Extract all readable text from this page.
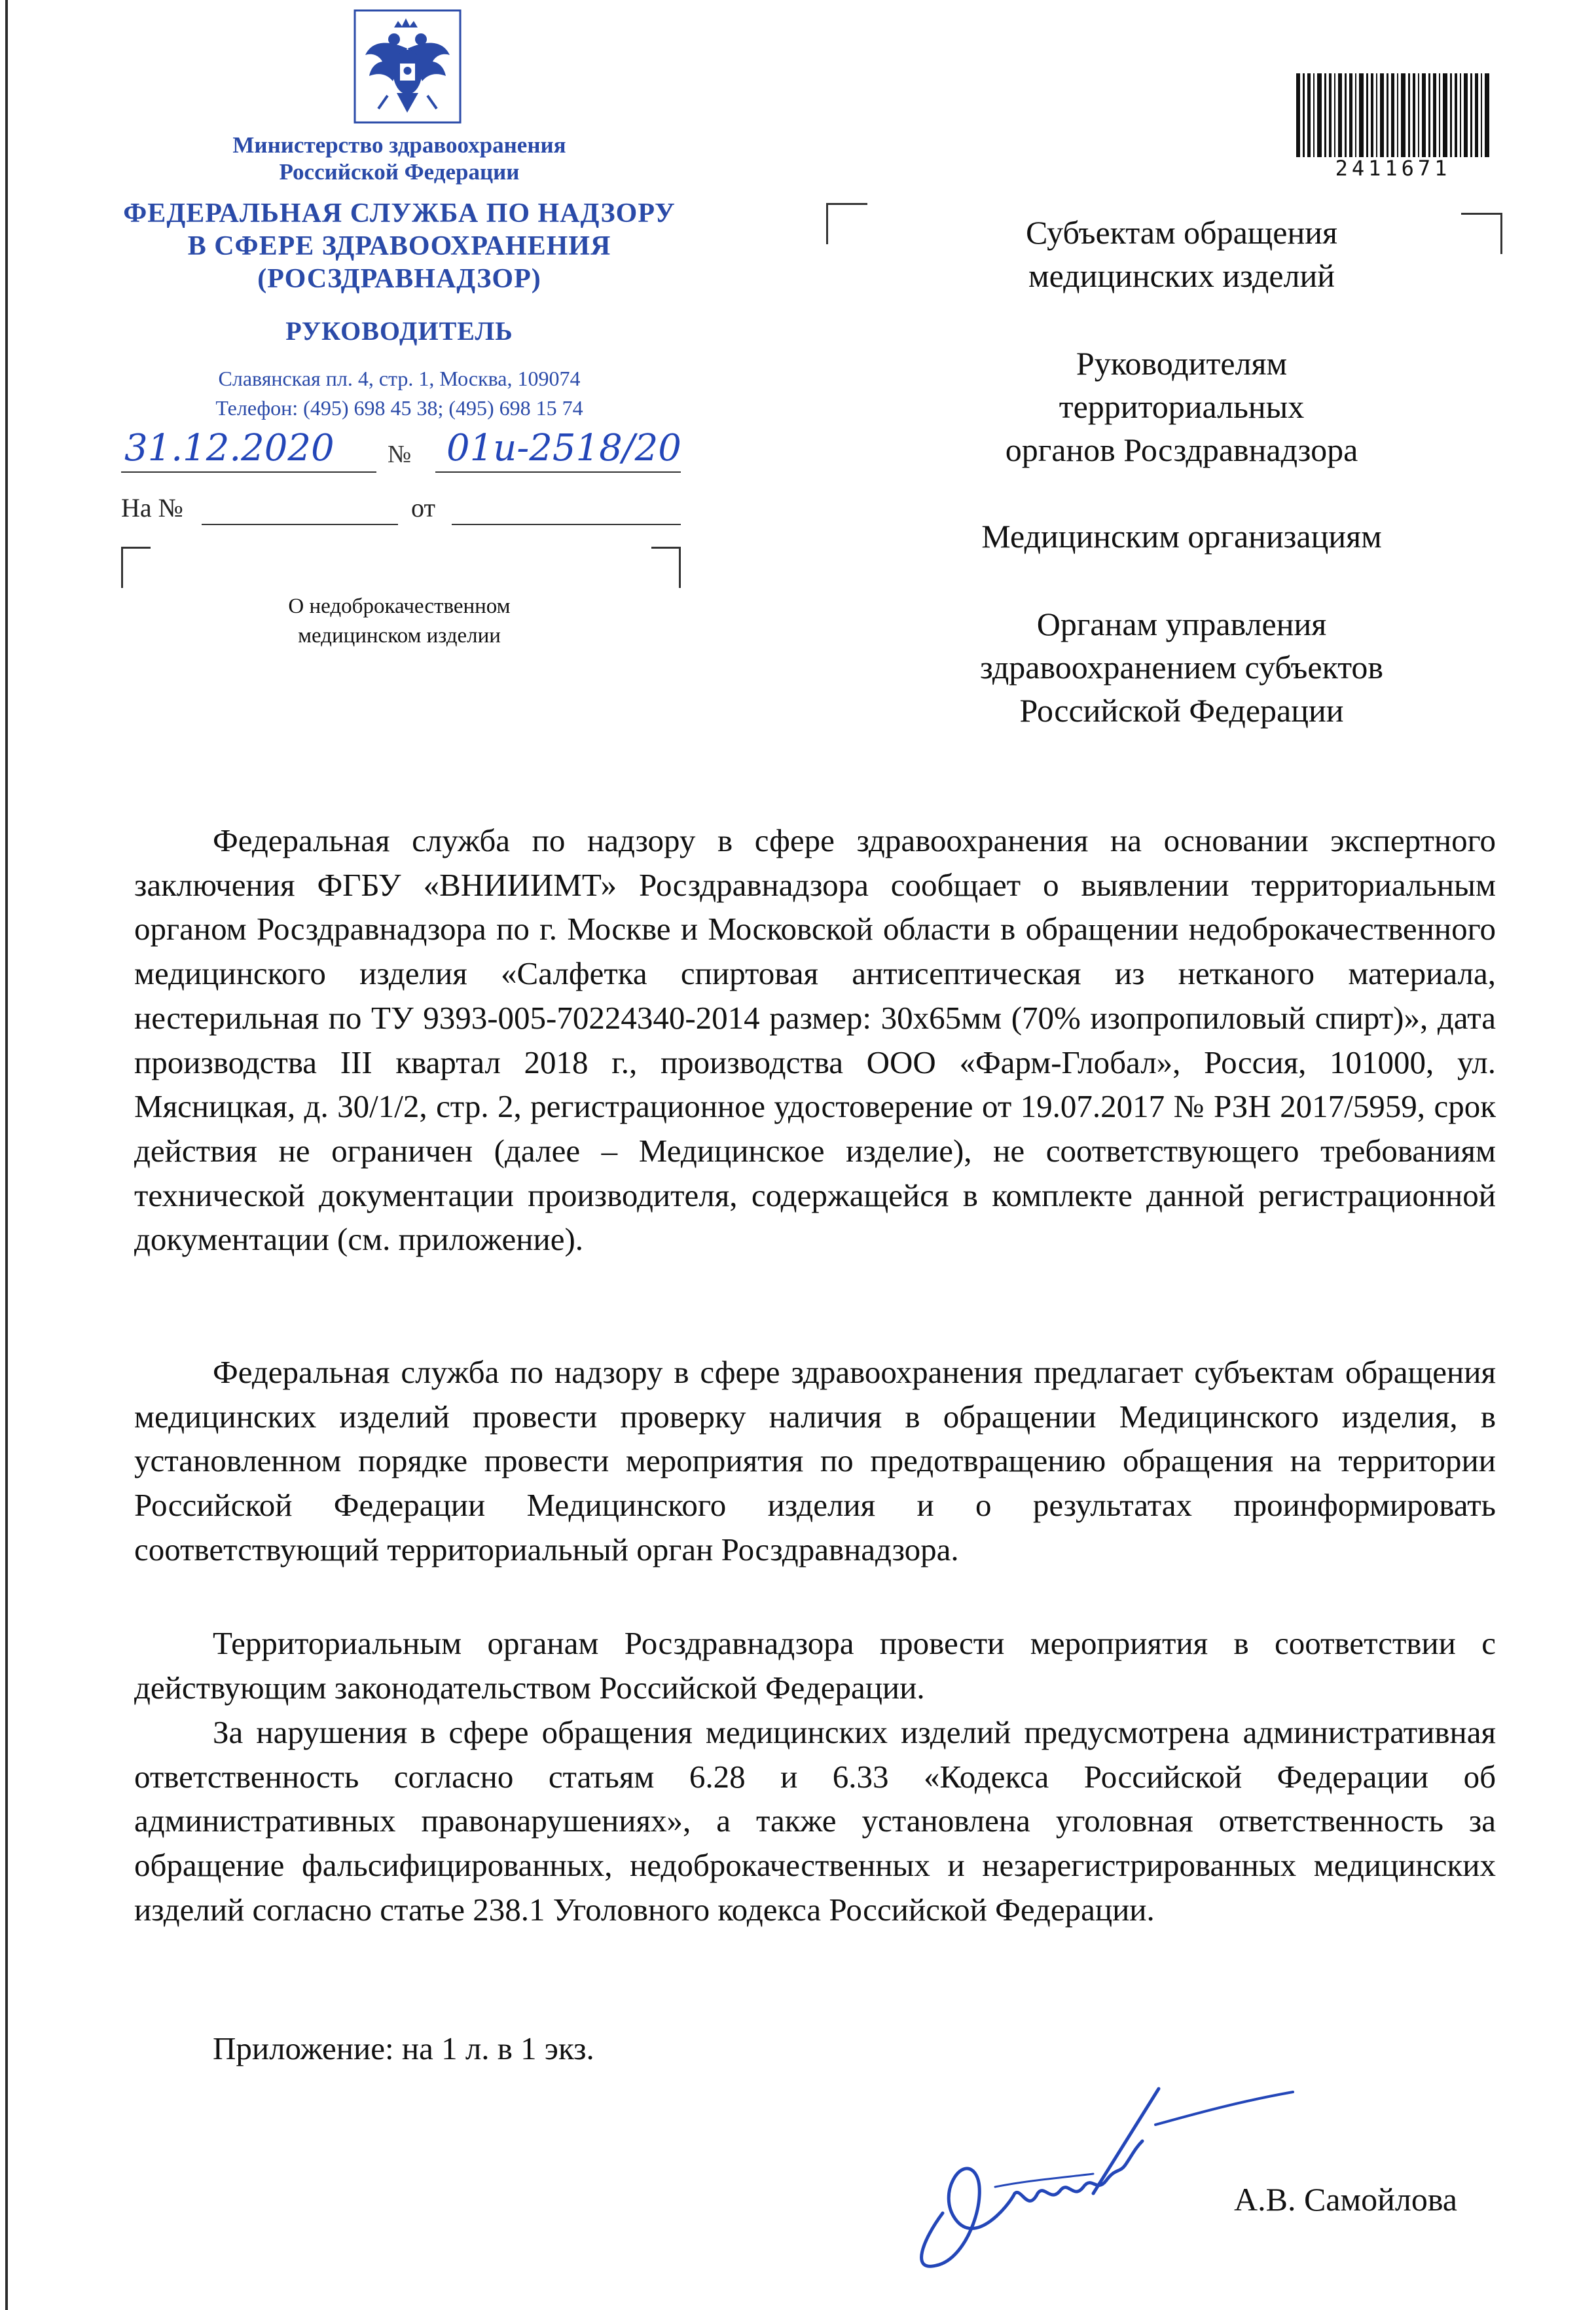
Министерство здравоохранения
Российской Федерации
ФЕДЕРАЛЬНАЯ СЛУЖБА ПО НАДЗОРУ
В СФЕРЕ ЗДРАВООХРАНЕНИЯ
(РОСЗДРАВНАДЗОР)
РУКОВОДИТЕЛЬ
Славянская пл. 4, стр. 1, Москва, 109074
Телефон: (495) 698 45 38; (495) 698 15 74
31.12.2020 № 01и-2518/20
На №	от
О недоброкачественном
медицинском изделии
2411671
Субъектам обращения
медицинских изделий
Руководителям
территориальных
органов Росздравнадзора
Медицинским организациям
Органам управления
здравоохранением субъектов
Российской Федерации

Федеральная служба по надзору в сфере здравоохранения на основании экспертного заключения ФГБУ «ВНИИИМТ» Росздравнадзора сообщает о выявлении территориальным органом Росздравнадзора по г. Москве и Московской области в обращении недоброкачественного медицинского изделия «Салфетка спиртовая антисептическая из нетканого материала, нестерильная по ТУ 9393-005-70224340-2014 размер: 30х65мм (70% изопропиловый спирт)», дата производства III квартал 2018 г., производства ООО «Фарм-Глобал», Россия, 101000, ул. Мясницкая, д. 30/1/2, стр. 2, регистрационное удостоверение от 19.07.2017 № РЗН 2017/5959, срок действия не ограничен (далее – Медицинское изделие), не соответствующего требованиям технической документации производителя, содержащейся в комплекте данной регистрационной документации (см. приложение).

Федеральная служба по надзору в сфере здравоохранения предлагает субъектам обращения медицинских изделий провести проверку наличия в обращении Медицинского изделия, в установленном порядке провести мероприятия по предотвращению обращения на территории Российской Федерации Медицинского изделия и о результатах проинформировать соответствующий территориальный орган Росздравнадзора.

Территориальным органам Росздравнадзора провести мероприятия в соответствии с действующим законодательством Российской Федерации.

За нарушения в сфере обращения медицинских изделий предусмотрена административная ответственность согласно статьям 6.28 и 6.33 «Кодекса Российской Федерации об административных правонарушениях», а также установлена уголовная ответственность за обращение фальсифицированных, недоброкачественных и незарегистрированных медицинских изделий согласно статье 238.1 Уголовного кодекса Российской Федерации.

Приложение: на 1 л. в 1 экз.
А.В. Самойлова
